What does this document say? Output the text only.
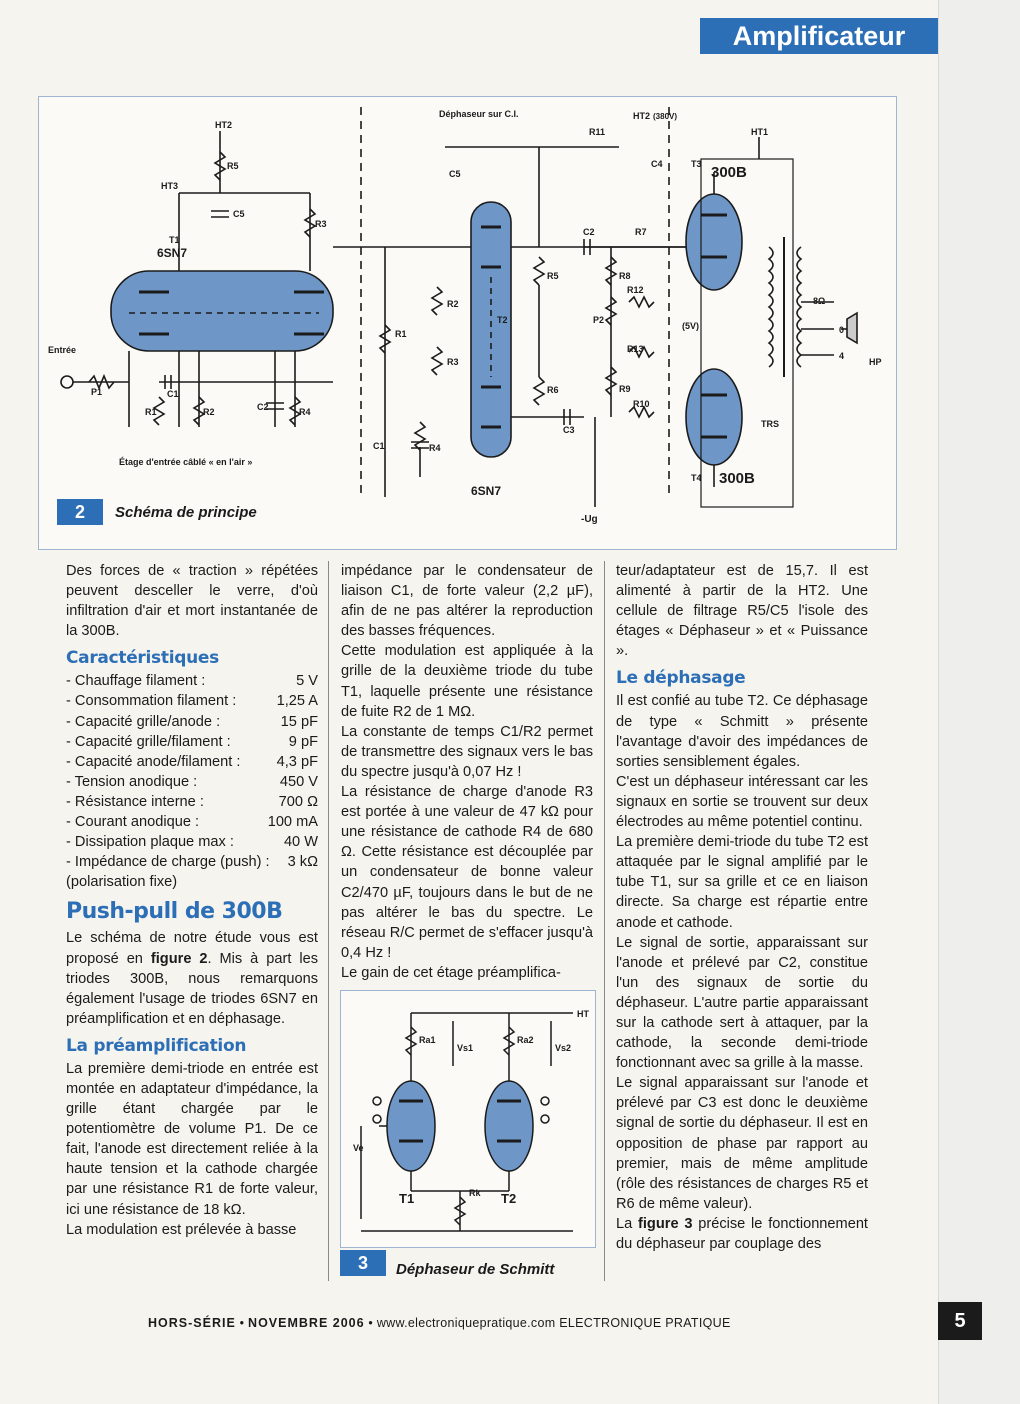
Amplificateur
Déphaseur sur C.I.
HT2
HT3
HT2 (380V)
HT1
T1
6SN7
R5
C5
R3
Entrée
P1	C1
R1	R2	C2	R4
Étage d'entrée câblé « en l'air »
C5
R11
C4	T3 300B
C2	R7
R8
R12
P2
R13
R9
R10
(5V)
C3
T2
6SN7
R1
R2
R3
R5
R6
C1	R4
-Ug
T4 300B
8Ω
0
4
HP
TRS
2	Schéma de principe

Des forces de « traction » répétées peuvent desceller le verre, d'où infiltration d'air et mort instantanée de la 300B.

Caractéristiques
- Chauffage filament :	5 V
- Consommation filament :	1,25 A
- Capacité grille/anode :	15 pF
- Capacité grille/filament :	9 pF
- Capacité anode/filament : 4,3 pF
- Tension anodique :	450 V
- Résistance interne :	700 Ω
- Courant anodique :	100 mA
- Dissipation plaque max :	40 W
- Impédance de charge (push) : 3 kΩ
(polarisation fixe)
Push-pull de 300B

Le schéma de notre étude vous est proposé en figure 2. Mis à part les triodes 300B, nous remarquons également l'usage de triodes 6SN7 en préamplification et en déphasage.

La préamplification

La première demi-triode en entrée est montée en adaptateur d'impédance, la grille étant chargée par le potentiomètre de volume P1. De ce fait, l'anode est directement reliée à la haute tension et la cathode chargée par une résistance R1 de forte valeur, ici une résistance de 18 kΩ.

La modulation est prélevée à basse

impédance par le condensateur de liaison C1, de forte valeur (2,2 µF), afin de ne pas altérer la reproduction des basses fréquences.

Cette modulation est appliquée à la grille de la deuxième triode du tube T1, laquelle présente une résistance de fuite R2 de 1 MΩ.

La constante de temps C1/R2 permet de transmettre des signaux vers le bas du spectre jusqu'à 0,07 Hz !

La résistance de charge d'anode R3 est portée à une valeur de 47 kΩ pour une résistance de cathode R4 de 680 Ω. Cette résistance est découplée par un condensateur de bonne valeur C2/470 µF, toujours dans le but de ne pas altérer le bas du spectre. Le réseau R/C permet de s'effacer jusqu'à 0,4 Hz !

Le gain de cet étage préamplifica-

HT
Ra1	Ra2
Vs1	Vs2
Ve
Rk
T1	T2
3	Déphaseur de Schmitt

teur/adaptateur est de 15,7. Il est alimenté à partir de la HT2. Une cellule de filtrage R5/C5 l'isole des étages « Déphaseur » et « Puissance ».

Le déphasage

Il est confié au tube T2. Ce déphasage de type « Schmitt » présente l'avantage d'avoir des impédances de sorties sensiblement égales.

C'est un déphaseur intéressant car les signaux en sortie se trouvent sur deux électrodes au même potentiel continu.

La première demi-triode du tube T2 est attaquée par le signal amplifié par le tube T1, sur sa grille et ce en liaison directe. Sa charge est répartie entre anode et cathode.

Le signal de sortie, apparaissant sur l'anode et prélevé par C2, constitue l'un des signaux de sortie du déphaseur. L'autre partie apparaissant sur la cathode sert à attaquer, par la cathode, la seconde demi-triode fonctionnant avec sa grille à la masse.

Le signal apparaissant sur l'anode et prélevé par C3 est donc le deuxième signal de sortie du déphaseur. Il est en opposition de phase par rapport au premier, mais de même amplitude (rôle des résistances de charges R5 et R6 de même valeur).

La figure 3 précise le fonctionnement du déphaseur par couplage des

HORS-SÉRIE • NOVEMBRE 2006 • www.electroniquepratique.com ELECTRONIQUE PRATIQUE	5
